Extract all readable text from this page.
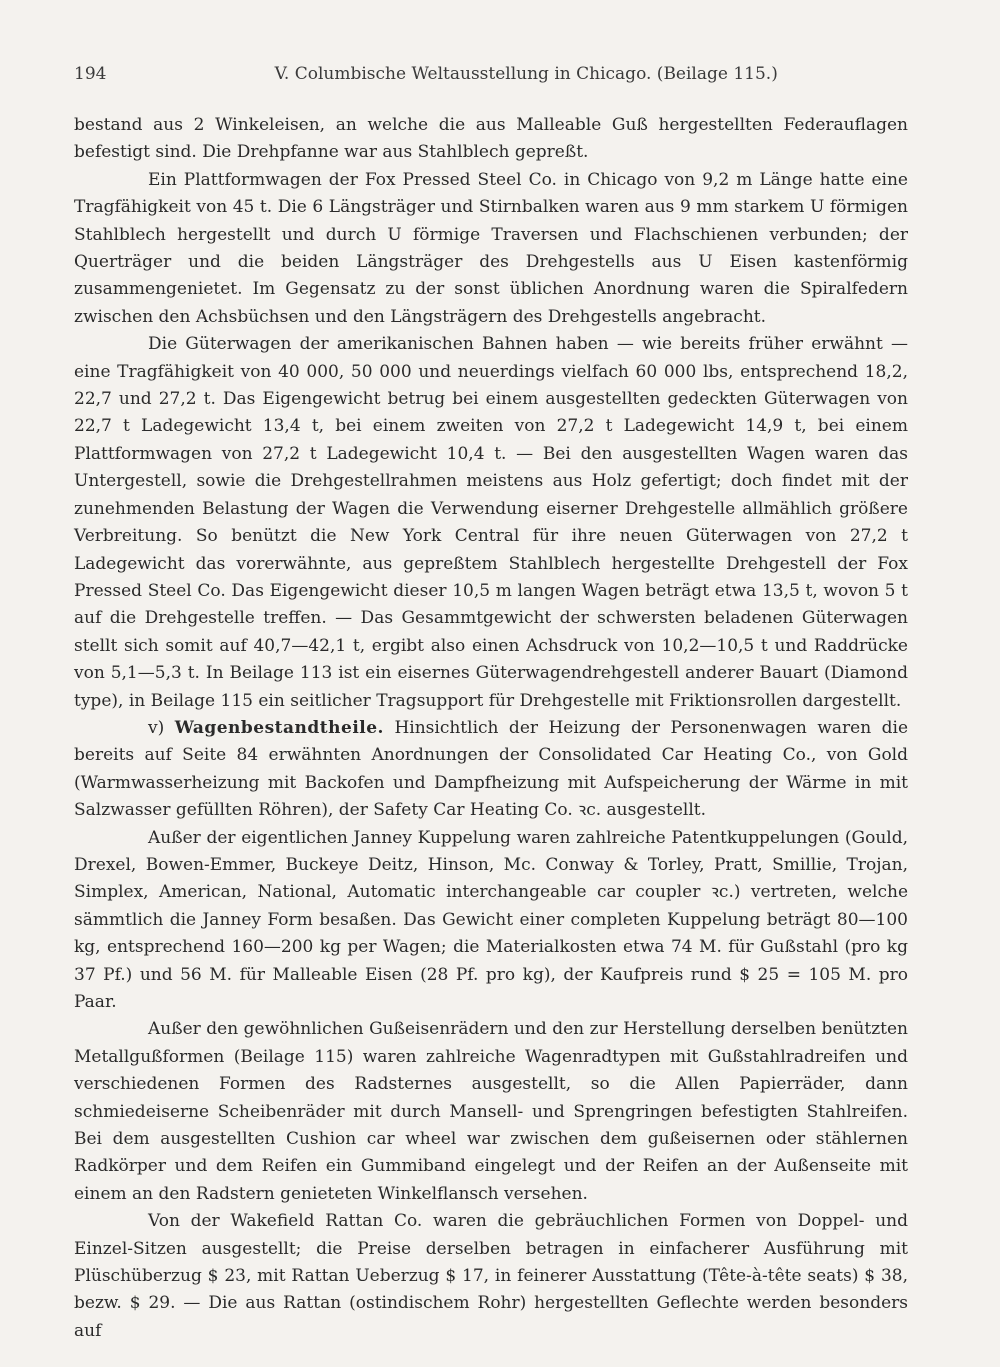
194	V. Columbische Weltausstellung in Chicago. (Beilage 115.)

bestand aus 2 Winkeleisen, an welche die aus Malleable Guß hergestellten Federauflagen befestigt sind. Die Drehpfanne war aus Stahlblech gepreßt.

Ein Plattformwagen der Fox Pressed Steel Co. in Chicago von 9,2 m Länge hatte eine Tragfähigkeit von 45 t. Die 6 Längsträger und Stirnbalken waren aus 9 mm starkem U förmigen Stahlblech hergestellt und durch U förmige Traversen und Flachschienen verbunden; der Querträger und die beiden Längsträger des Drehgestells aus U Eisen kastenförmig zusammengenietet. Im Gegensatz zu der sonst üblichen Anordnung waren die Spiralfedern zwischen den Achsbüchsen und den Längsträgern des Drehgestells angebracht.

Die Güterwagen der amerikanischen Bahnen haben — wie bereits früher erwähnt — eine Tragfähigkeit von 40 000, 50 000 und neuerdings vielfach 60 000 lbs, entsprechend 18,2, 22,7 und 27,2 t. Das Eigengewicht betrug bei einem ausgestellten gedeckten Güterwagen von 22,7 t Ladegewicht 13,4 t, bei einem zweiten von 27,2 t Ladegewicht 14,9 t, bei einem Plattformwagen von 27,2 t Ladegewicht 10,4 t. — Bei den ausgestellten Wagen waren das Untergestell, sowie die Drehgestellrahmen meistens aus Holz gefertigt; doch findet mit der zunehmenden Belastung der Wagen die Verwendung eiserner Drehgestelle allmählich größere Verbreitung. So benützt die New York Central für ihre neuen Güterwagen von 27,2 t Ladegewicht das vorerwähnte, aus gepreßtem Stahlblech hergestellte Drehgestell der Fox Pressed Steel Co. Das Eigengewicht dieser 10,5 m langen Wagen beträgt etwa 13,5 t, wovon 5 t auf die Drehgestelle treffen. — Das Gesammtgewicht der schwersten beladenen Güterwagen stellt sich somit auf 40,7—42,1 t, ergibt also einen Achsdruck von 10,2—10,5 t und Raddrücke von 5,1—5,3 t. In Beilage 113 ist ein eisernes Güterwagendrehgestell anderer Bauart (Diamond type), in Beilage 115 ein seitlicher Tragsupport für Drehgestelle mit Friktionsrollen dargestellt.

v) Wagenbestandtheile. Hinsichtlich der Heizung der Personenwagen waren die bereits auf Seite 84 erwähnten Anordnungen der Consolidated Car Heating Co., von Gold (Warmwasserheizung mit Backofen und Dampfheizung mit Aufspeicherung der Wärme in mit Salzwasser gefüllten Röhren), der Safety Car Heating Co. ꝛc. ausgestellt.

Außer der eigentlichen Janney Kuppelung waren zahlreiche Patentkuppelungen (Gould, Drexel, Bowen-Emmer, Buckeye Deitz, Hinson, Mc. Conway & Torley, Pratt, Smillie, Trojan, Simplex, American, National, Automatic interchangeable car coupler ꝛc.) vertreten, welche sämmtlich die Janney Form besaßen. Das Gewicht einer completen Kuppelung beträgt 80—100 kg, entsprechend 160—200 kg per Wagen; die Materialkosten etwa 74 M. für Gußstahl (pro kg 37 Pf.) und 56 M. für Malleable Eisen (28 Pf. pro kg), der Kaufpreis rund $ 25 = 105 M. pro Paar.

Außer den gewöhnlichen Gußeisenrädern und den zur Herstellung derselben benützten Metallgußformen (Beilage 115) waren zahlreiche Wagenradtypen mit Gußstahlradreifen und verschiedenen Formen des Radsternes ausgestellt, so die Allen Papierräder, dann schmiedeiserne Scheibenräder mit durch Mansell- und Sprengringen befestigten Stahlreifen. Bei dem ausgestellten Cushion car wheel war zwischen dem gußeisernen oder stählernen Radkörper und dem Reifen ein Gummiband eingelegt und der Reifen an der Außenseite mit einem an den Radstern genieteten Winkelflansch versehen.

Von der Wakefield Rattan Co. waren die gebräuchlichen Formen von Doppel- und Einzel-Sitzen ausgestellt; die Preise derselben betragen in einfacherer Ausführung mit Plüschüberzug $ 23, mit Rattan Ueberzug $ 17, in feinerer Ausstattung (Tête-à-tête seats) $ 38, bezw. $ 29. — Die aus Rattan (ostindischem Rohr) hergestellten Geflechte werden besonders auf
